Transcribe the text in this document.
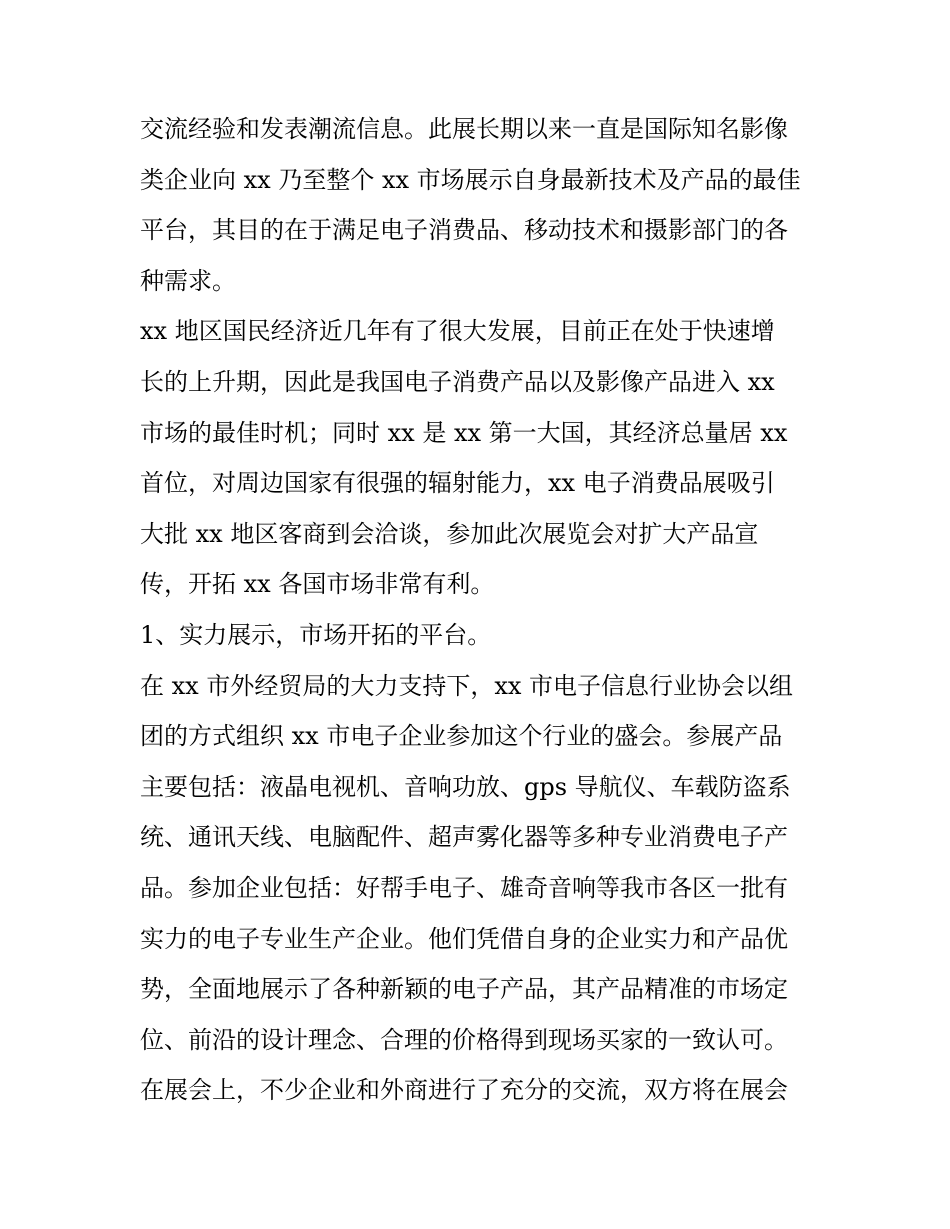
交流经验和发表潮流信息。此展长期以来一直是国际知名影像
类企业向 xx 乃至整个 xx 市场展示自身最新技术及产品的最佳
平台，其目的在于满足电子消费品、移动技术和摄影部门的各
种需求。
xx 地区国民经济近几年有了很大发展，目前正在处于快速增
长的上升期，因此是我国电子消费产品以及影像产品进入 xx
市场的最佳时机；同时 xx 是 xx 第一大国，其经济总量居 xx
首位，对周边国家有很强的辐射能力，xx 电子消费品展吸引
大批 xx 地区客商到会洽谈，参加此次展览会对扩大产品宣
传，开拓 xx 各国市场非常有利。
1、实力展示，市场开拓的平台。
在 xx 市外经贸局的大力支持下，xx 市电子信息行业协会以组
团的方式组织 xx 市电子企业参加这个行业的盛会。参展产品
主要包括：液晶电视机、音响功放、gps 导航仪、车载防盗系
统、通讯天线、电脑配件、超声雾化器等多种专业消费电子产
品。参加企业包括：好帮手电子、雄奇音响等我市各区一批有
实力的电子专业生产企业。他们凭借自身的企业实力和产品优
势，全面地展示了各种新颖的电子产品，其产品精准的市场定
位、前沿的设计理念、合理的价格得到现场买家的一致认可。
在展会上，不少企业和外商进行了充分的交流，双方将在展会
